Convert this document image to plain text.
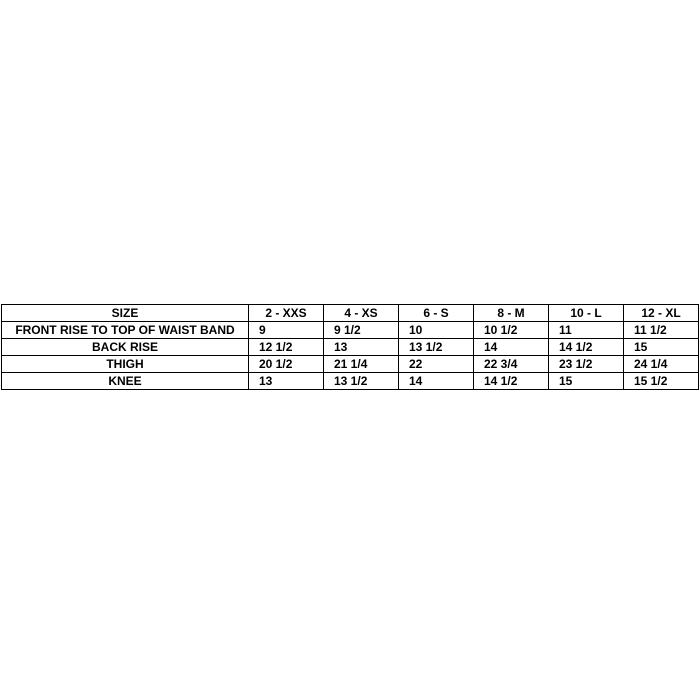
SIZE	2 - XXS	4 - XS	6 - S	8 - M	10 - L	12 - XL
FRONT RISE TO TOP OF WAIST BAND	9	9 1/2	10	10 1/2	11	11 1/2
BACK RISE	12 1/2	13	13 1/2	14	14 1/2	15
THIGH	20 1/2	21 1/4	22	22 3/4	23 1/2	24 1/4
KNEE	13	13 1/2	14	14 1/2	15	15 1/2
